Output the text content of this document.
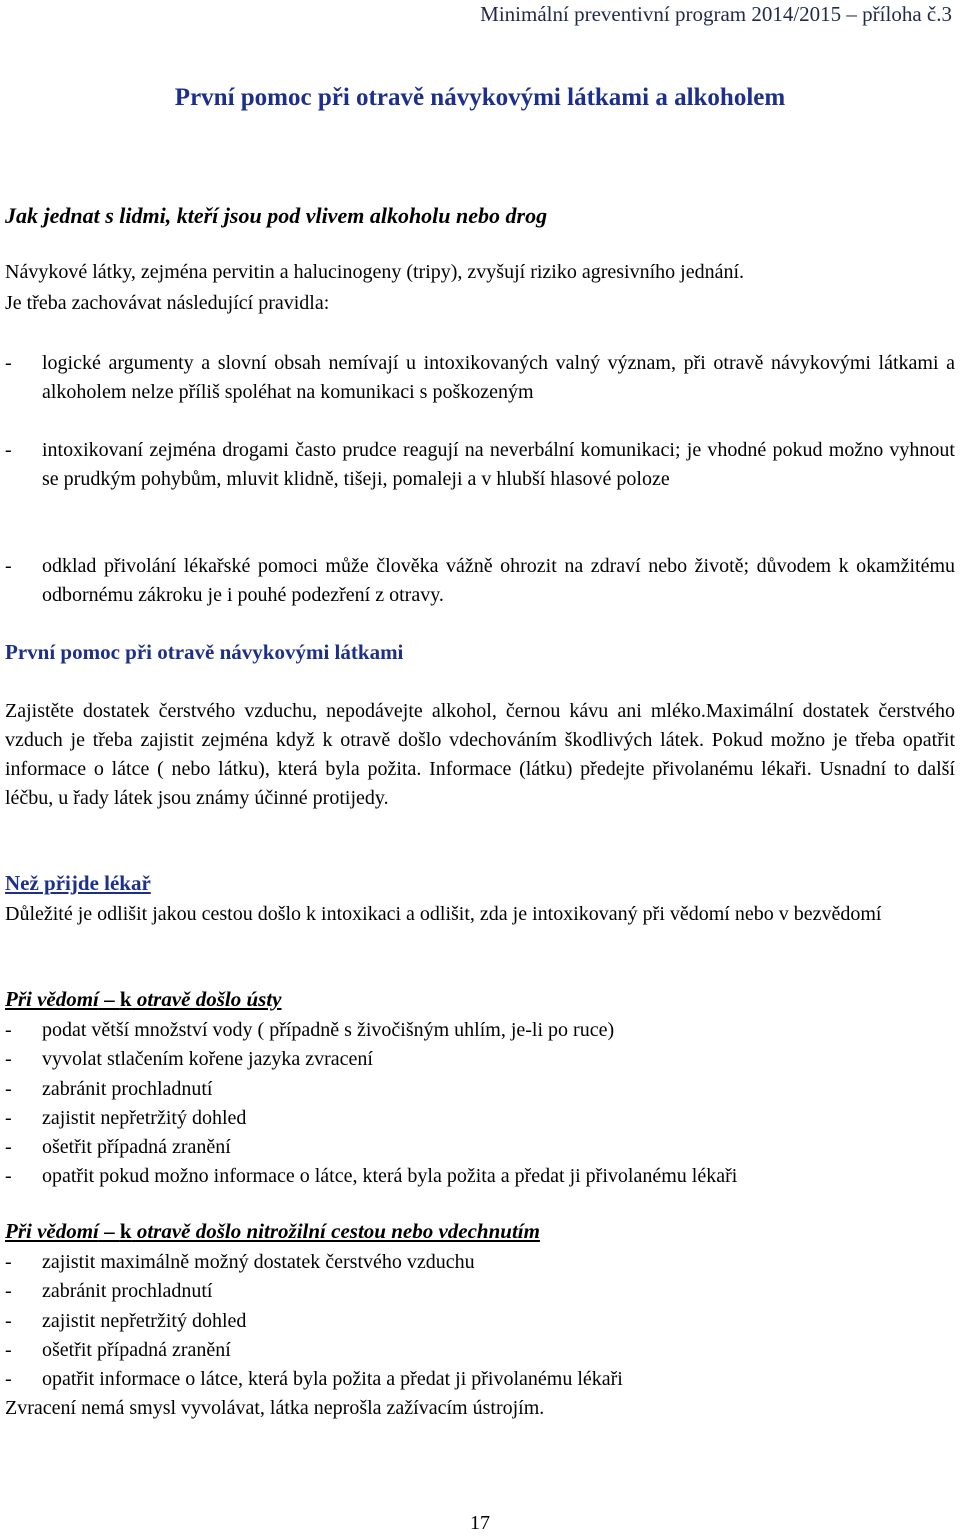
Minimální preventivní program 2014/2015 – příloha č.3
První pomoc při otravě návykovými látkami a alkoholem
Jak jednat s lidmi, kteří jsou pod vlivem alkoholu nebo drog
Návykové látky, zejména pervitin a halucinogeny (tripy), zvyšují riziko agresivního jednání.
Je třeba zachovávat následující pravidla:
- logické argumenty a slovní obsah nemívají u intoxikovaných valný význam, při otravě návykovými látkami a alkoholem nelze příliš spoléhat na komunikaci s poškozeným
- intoxikovaní zejména drogami často prudce reagují na neverbální komunikaci; je vhodné pokud možno vyhnout se prudkým pohybům, mluvit klidně, tišeji, pomaleji a v hlubší hlasové poloze
- odklad přivolání lékařské pomoci může člověka vážně ohrozit na zdraví nebo životě; důvodem k okamžitému odbornému zákroku je i pouhé podezření z otravy.
První pomoc při otravě návykovými látkami
Zajistěte dostatek čerstvého vzduchu, nepodávejte alkohol, černou kávu ani mléko.Maximální dostatek čerstvého vzduch je třeba zajistit zejména když k otravě došlo vdechováním škodlivých látek. Pokud možno je třeba opatřit informace o látce ( nebo látku), která byla požita. Informace (látku) předejte přivolanému lékaři. Usnadní to další léčbu, u řady látek jsou známy účinné protijedy.
Než přijde lékař
Důležité je odlišit jakou cestou došlo k intoxikaci a odlišit, zda je intoxikovaný při vědomí nebo v bezvědomí
Při vědomí – k otravě došlo ústy
- podat větší množství vody ( případně s živočišným uhlím, je-li po ruce)
- vyvolat stlačením kořene jazyka zvracení
- zabránit prochladnutí
- zajistit nepřetržitý dohled
- ošetřit případná zranění
- opatřit pokud možno informace o látce, která byla požita a předat ji přivolanému lékaři
Při vědomí – k otravě došlo nitrožilní cestou nebo vdechnutím
- zajistit maximálně možný dostatek čerstvého vzduchu
- zabránit prochladnutí
- zajistit nepřetržitý dohled
- ošetřit případná zranění
- opatřit informace o látce, která byla požita a předat ji přivolanému lékaři
Zvracení nemá smysl vyvolávat, látka neprošla zažívacím ústrojím.
17
